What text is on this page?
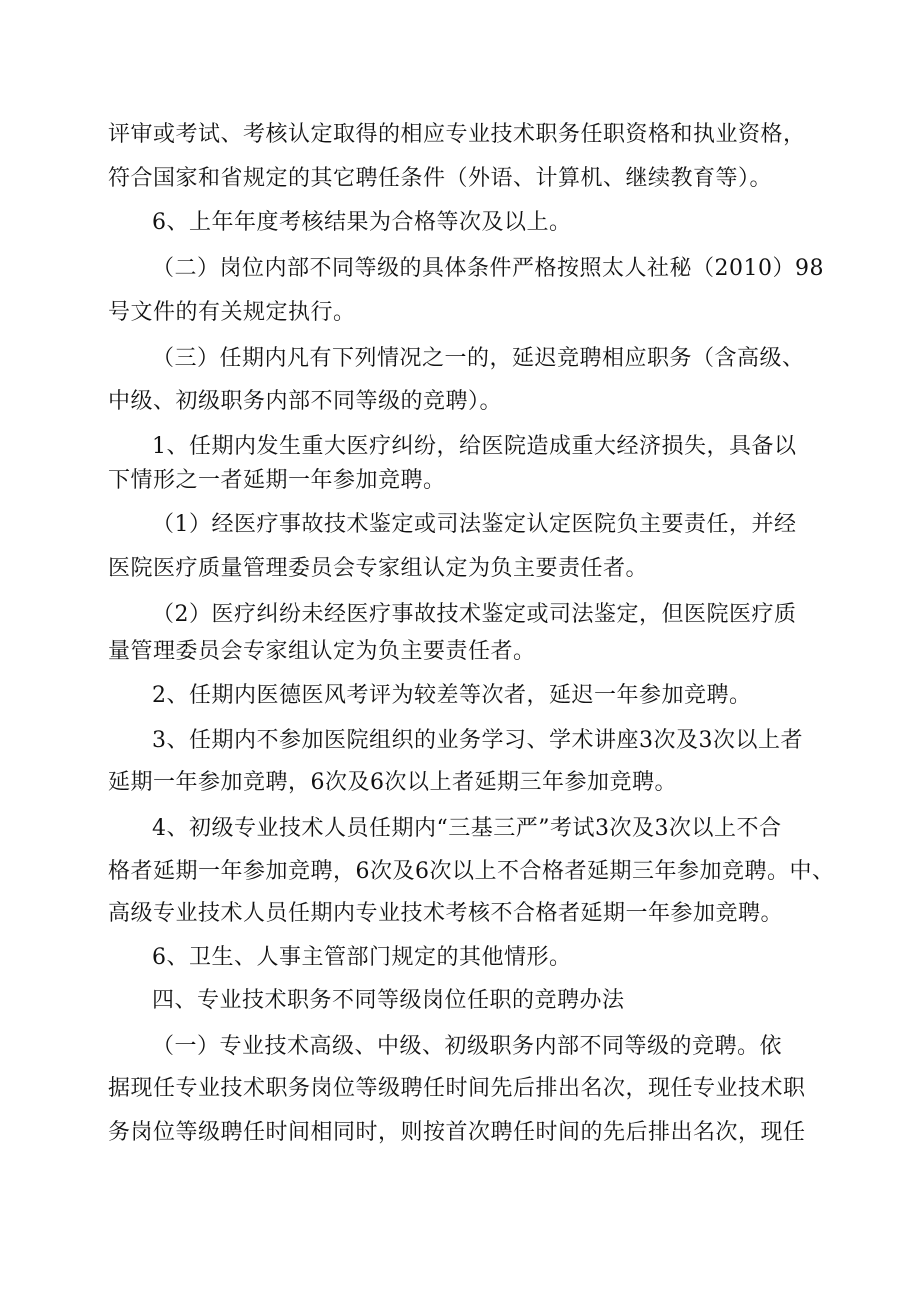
评审或考试、考核认定取得的相应专业技术职务任职资格和执业资格，
符合国家和省规定的其它聘任条件（外语、计算机、继续教育等）。
6、上年年度考核结果为合格等次及以上。
（二）岗位内部不同等级的具体条件严格按照太人社秘（2010）98
号文件的有关规定执行。
（三）任期内凡有下列情况之一的，延迟竞聘相应职务（含高级、
中级、初级职务内部不同等级的竞聘）。
1、任期内发生重大医疗纠纷，给医院造成重大经济损失，具备以
下情形之一者延期一年参加竞聘。
（1）经医疗事故技术鉴定或司法鉴定认定医院负主要责任，并经
医院医疗质量管理委员会专家组认定为负主要责任者。
（2）医疗纠纷未经医疗事故技术鉴定或司法鉴定，但医院医疗质
量管理委员会专家组认定为负主要责任者。
2、任期内医德医风考评为较差等次者，延迟一年参加竞聘。
3、任期内不参加医院组织的业务学习、学术讲座3次及3次以上者
延期一年参加竞聘，6次及6次以上者延期三年参加竞聘。
4、初级专业技术人员任期内“三基三严”考试3次及3次以上不合
格者延期一年参加竞聘，6次及6次以上不合格者延期三年参加竞聘。中、
高级专业技术人员任期内专业技术考核不合格者延期一年参加竞聘。
6、卫生、人事主管部门规定的其他情形。
四、专业技术职务不同等级岗位任职的竞聘办法
（一）专业技术高级、中级、初级职务内部不同等级的竞聘。依
据现任专业技术职务岗位等级聘任时间先后排出名次，现任专业技术职
务岗位等级聘任时间相同时，则按首次聘任时间的先后排出名次，现任
